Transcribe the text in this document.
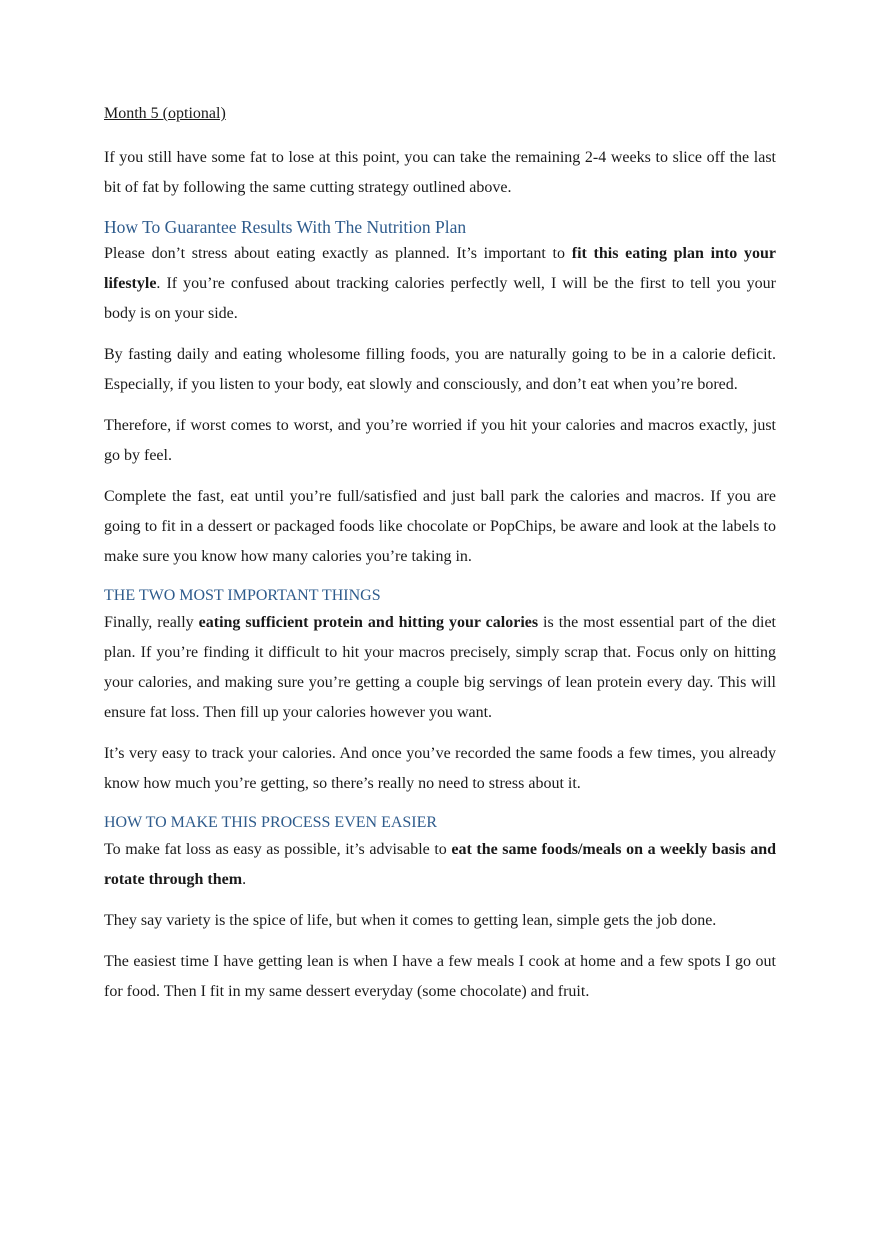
Month 5 (optional)

If you still have some fat to lose at this point, you can take the remaining 2-4 weeks to slice off the last bit of fat by following the same cutting strategy outlined above.

How To Guarantee Results With The Nutrition Plan

Please don’t stress about eating exactly as planned. It’s important to fit this eating plan into your lifestyle. If you’re confused about tracking calories perfectly well, I will be the first to tell you your body is on your side.

By fasting daily and eating wholesome filling foods, you are naturally going to be in a calorie deficit. Especially, if you listen to your body, eat slowly and consciously, and don’t eat when you’re bored.

Therefore, if worst comes to worst, and you’re worried if you hit your calories and macros exactly, just go by feel.

Complete the fast, eat until you’re full/satisfied and just ball park the calories and macros. If you are going to fit in a dessert or packaged foods like chocolate or PopChips, be aware and look at the labels to make sure you know how many calories you’re taking in.

THE TWO MOST IMPORTANT THINGS

Finally, really eating sufficient protein and hitting your calories is the most essential part of the diet plan. If you’re finding it difficult to hit your macros precisely, simply scrap that. Focus only on hitting your calories, and making sure you’re getting a couple big servings of lean protein every day. This will ensure fat loss. Then fill up your calories however you want.

It’s very easy to track your calories. And once you’ve recorded the same foods a few times, you already know how much you’re getting, so there’s really no need to stress about it.

HOW TO MAKE THIS PROCESS EVEN EASIER

To make fat loss as easy as possible, it’s advisable to eat the same foods/meals on a weekly basis and rotate through them.

They say variety is the spice of life, but when it comes to getting lean, simple gets the job done.

The easiest time I have getting lean is when I have a few meals I cook at home and a few spots I go out for food. Then I fit in my same dessert everyday (some chocolate) and fruit.
